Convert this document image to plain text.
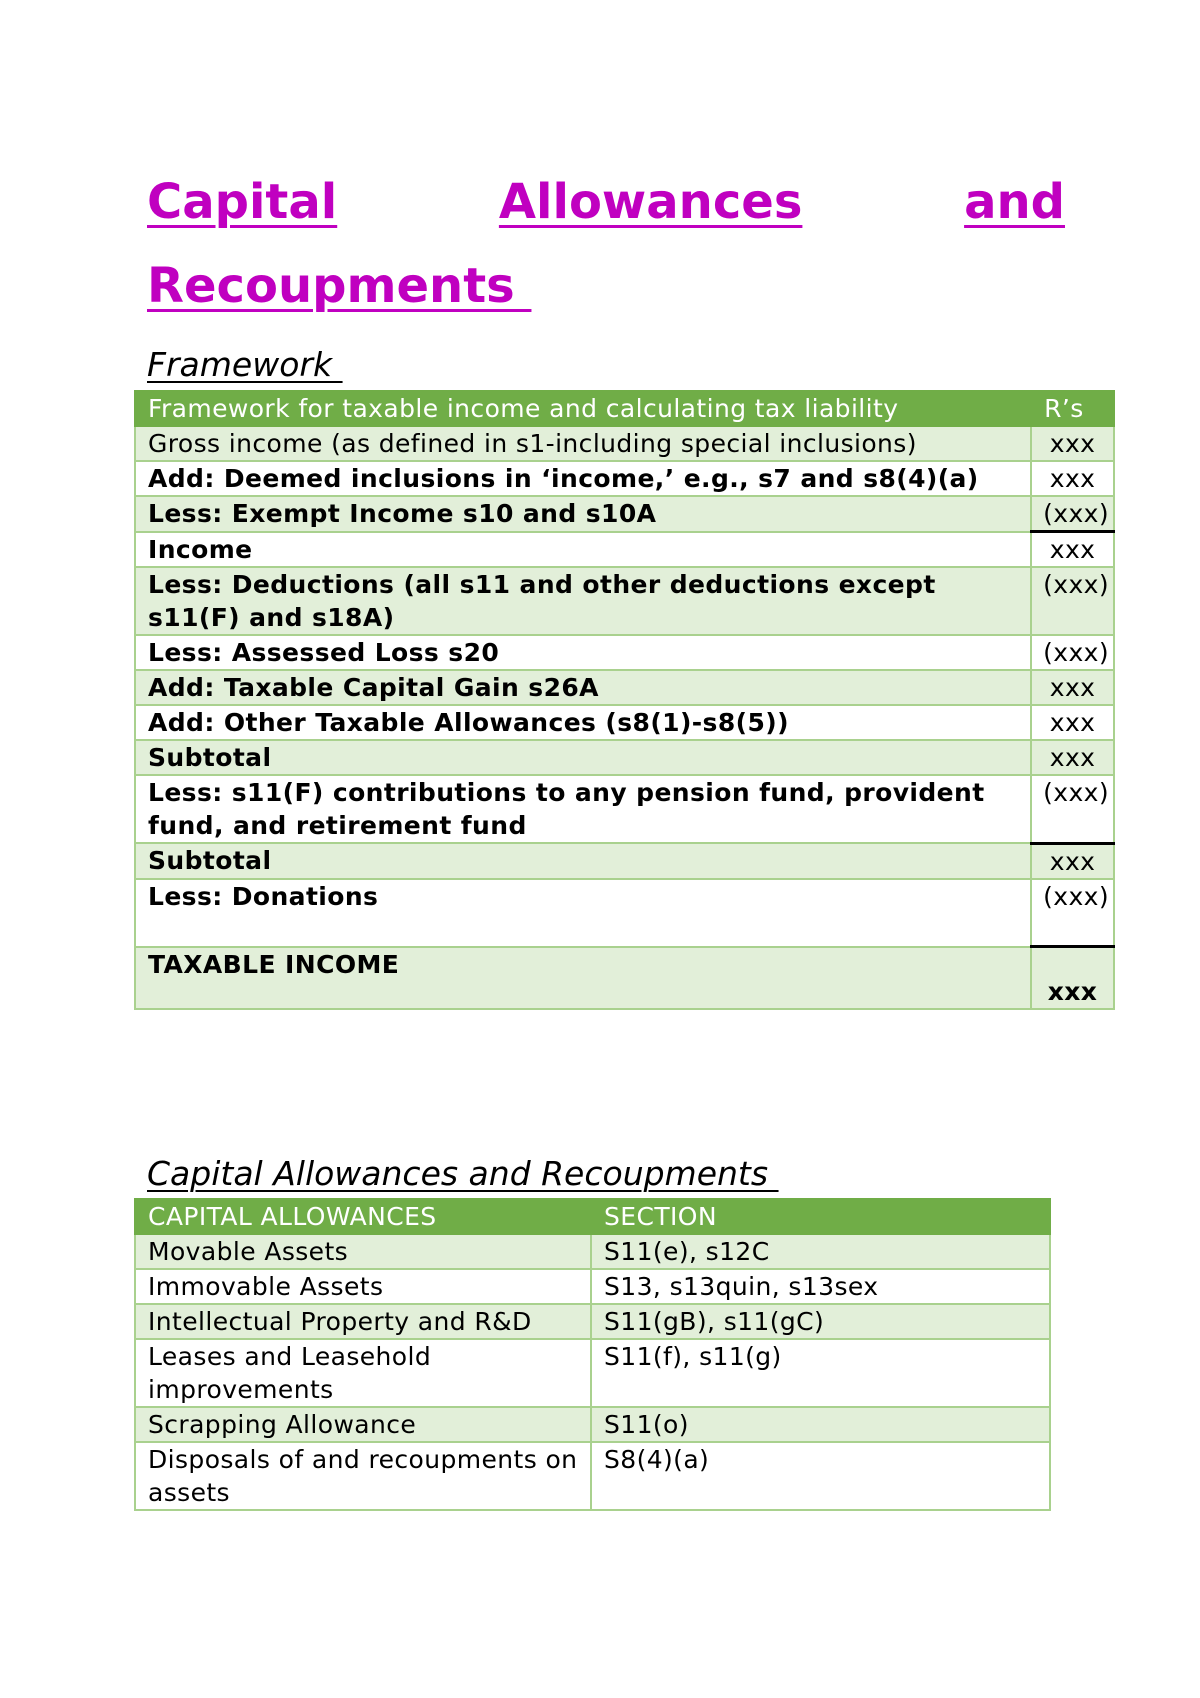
Capital	Allowances	and
Recoupments
Framework
Framework for taxable income and calculating tax liability	R’s
Gross income (as defined in s1-including special inclusions)	xxx
Add: Deemed inclusions in ‘income,’ e.g., s7 and s8(4)(a)	xxx
Less: Exempt Income s10 and s10A	(xxx)
Income	xxx
Less: Deductions (all s11 and other deductions except s11(F) and s18A)	(xxx)
Less: Assessed Loss s20	(xxx)
Add: Taxable Capital Gain s26A	xxx
Add: Other Taxable Allowances (s8(1)-s8(5))	xxx
Subtotal	xxx
Less: s11(F) contributions to any pension fund, provident fund, and retirement fund	(xxx)
Subtotal	xxx
Less: Donations	(xxx)
TAXABLE INCOME	xxx
Capital Allowances and Recoupments
CAPITAL ALLOWANCES	SECTION
Movable Assets	S11(e), s12C
Immovable Assets	S13, s13quin, s13sex
Intellectual Property and R&D	S11(gB), s11(gC)
Leases and Leasehold improvements	S11(f), s11(g)
Scrapping Allowance	S11(o)
Disposals of and recoupments on assets	S8(4)(a)
